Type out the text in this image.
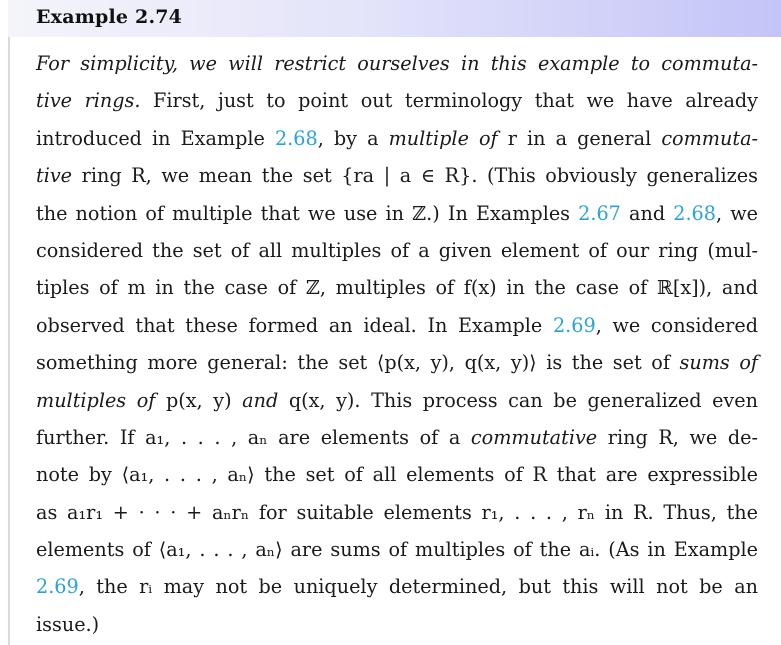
Example 2.74
For simplicity, we will restrict ourselves in this example to commuta-
tive rings. First, just to point out terminology that we have already
introduced in Example 2.68, by a multiple of r in a general commuta-
tive ring R, we mean the set {ra | a ∈ R}. (This obviously generalizes
the notion of multiple that we use in ℤ.) In Examples 2.67 and 2.68, we
considered the set of all multiples of a given element of our ring (mul-
tiples of m in the case of ℤ, multiples of f(x) in the case of ℝ[x]), and
observed that these formed an ideal. In Example 2.69, we considered
something more general: the set ⟨p(x, y), q(x, y)⟩ is the set of sums of
multiples of p(x, y) and q(x, y). This process can be generalized even
further. If a₁, . . . , aₙ are elements of a commutative ring R, we de-
note by ⟨a₁, . . . , aₙ⟩ the set of all elements of R that are expressible
as a₁r₁ + · · · + aₙrₙ for suitable elements r₁, . . . , rₙ in R. Thus, the
elements of ⟨a₁, . . . , aₙ⟩ are sums of multiples of the aᵢ. (As in Example
2.69, the rᵢ may not be uniquely determined, but this will not be an
issue.)
